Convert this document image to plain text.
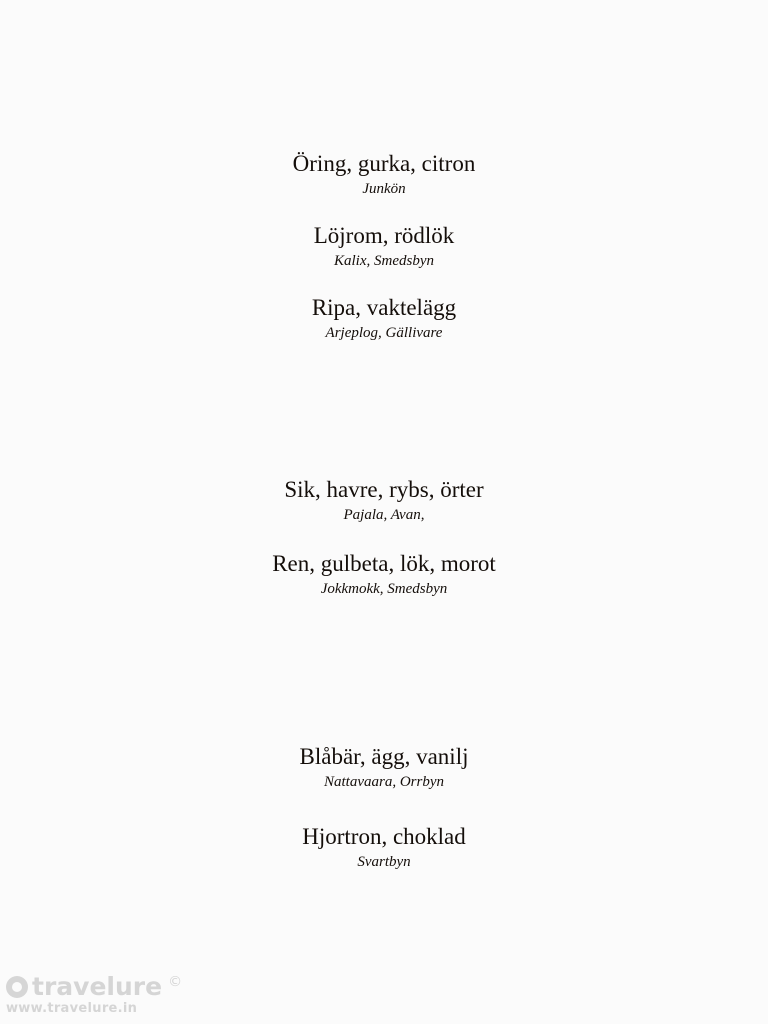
Öring, gurka, citron
Junkön
Löjrom, rödlök
Kalix, Smedsbyn
Ripa, vaktelägg
Arjeplog, Gällivare
Sik, havre, rybs, örter
Pajala, Avan,
Ren, gulbeta, lök, morot
Jokkmokk, Smedsbyn
Blåbär, ägg, vanilj
Nattavaara, Orrbyn
Hjortron, choklad
Svartbyn
travelure ©
www.travelure.in
